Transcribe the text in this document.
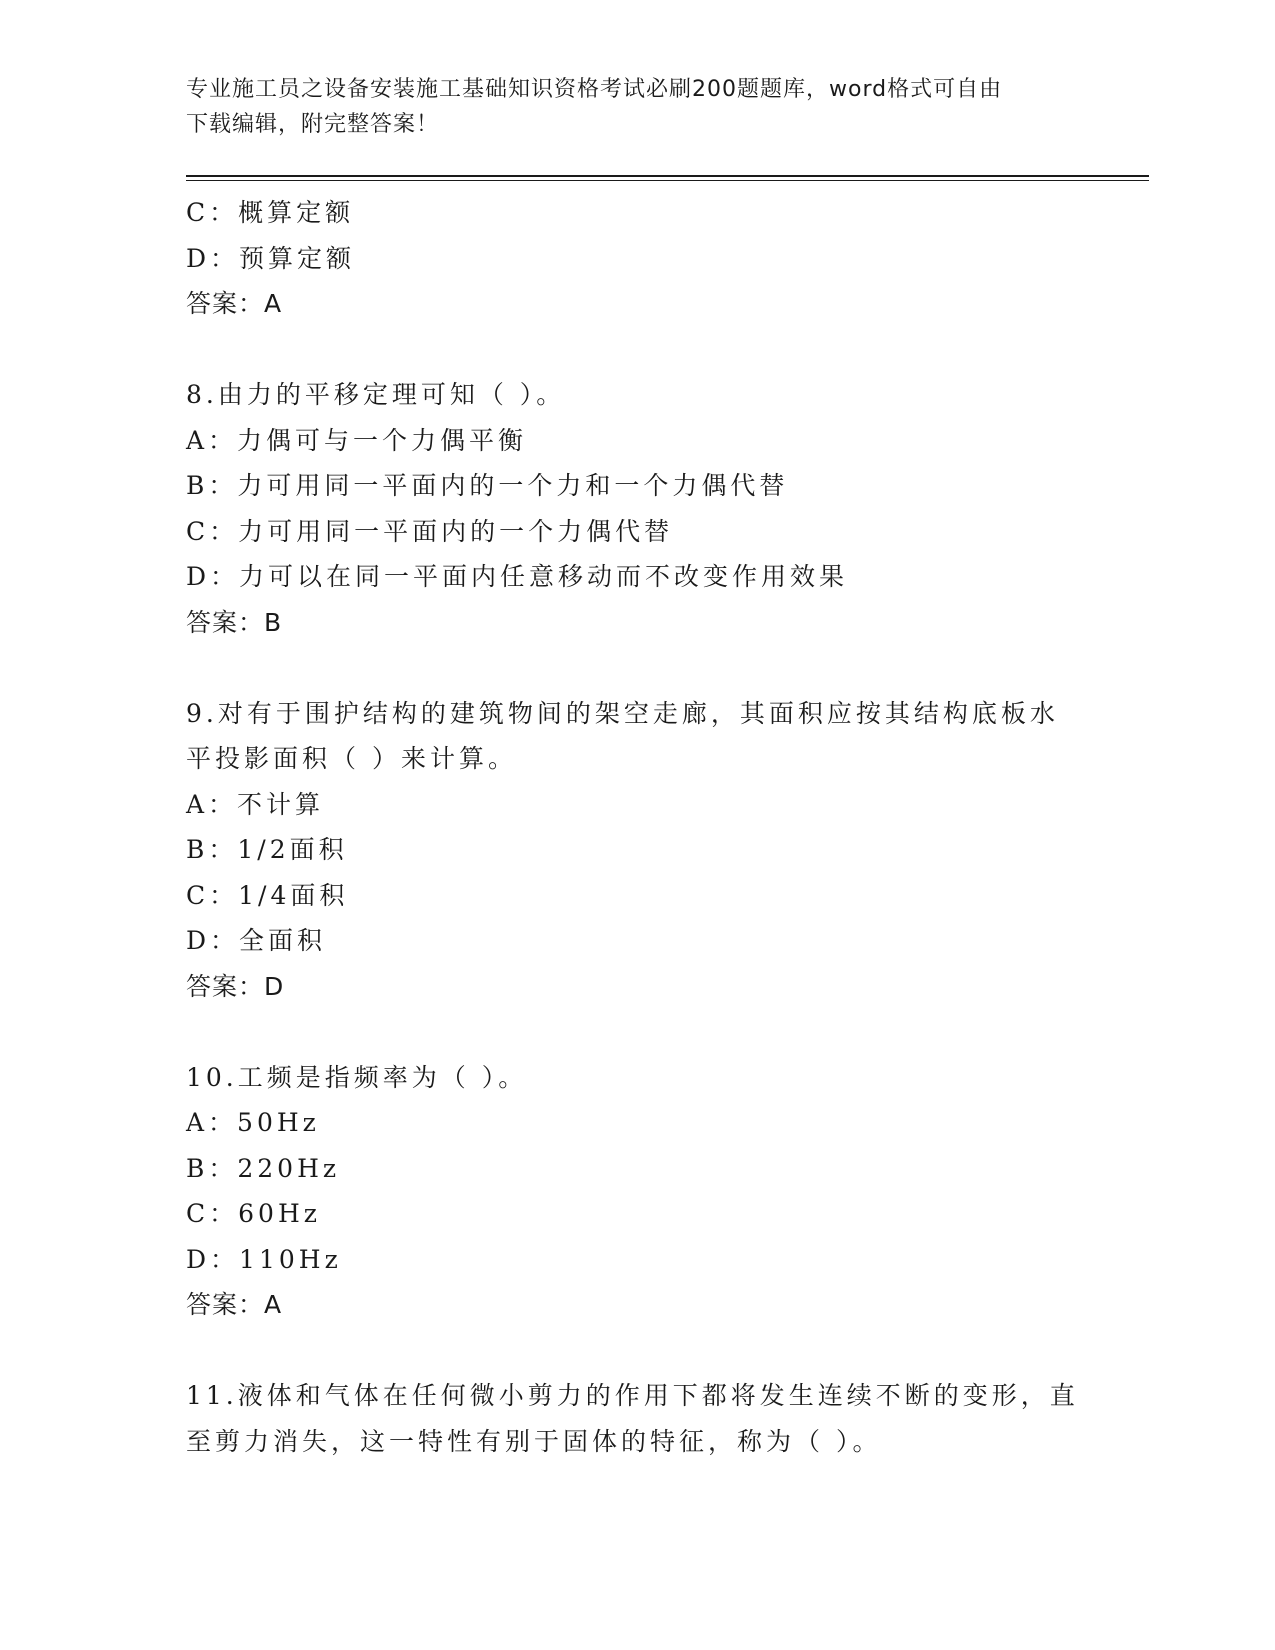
专业施工员之设备安装施工基础知识资格考试必刷200题题库，word格式可自由
下载编辑，附完整答案！
C：概算定额
D：预算定额
答案：A
8.由力的平移定理可知（ ）。
A：力偶可与一个力偶平衡
B：力可用同一平面内的一个力和一个力偶代替
C：力可用同一平面内的一个力偶代替
D：力可以在同一平面内任意移动而不改变作用效果
答案：B
9.对有于围护结构的建筑物间的架空走廊，其面积应按其结构底板水
平投影面积（ ）来计算。
A：不计算
B：1/2面积
C：1/4面积
D：全面积
答案：D
10.工频是指频率为（ ）。
A：50Hz
B：220Hz
C：60Hz
D：110Hz
答案：A
11.液体和气体在任何微小剪力的作用下都将发生连续不断的变形，直
至剪力消失，这一特性有别于固体的特征，称为（ ）。
